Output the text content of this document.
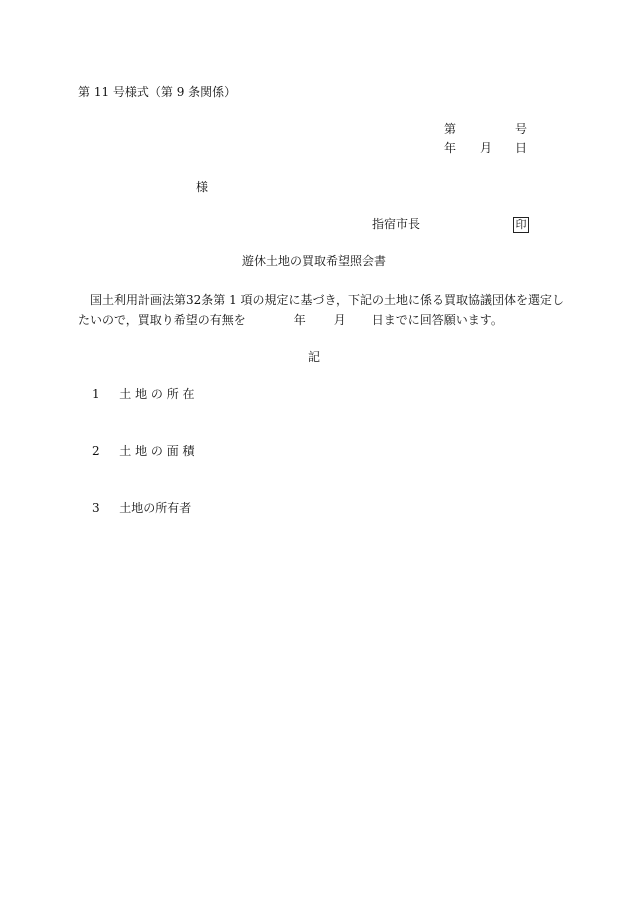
第 11 号様式（第 9 条関係）
第	号
年 月 日
様
指宿市長	印
遊休土地の買取希望照会書
国土利用計画法第32条第 1 項の規定に基づき，下記の土地に係る買取協議団体を選定し
たいので，買取り希望の有無を	年 月 日までに回答願います。
記
1 土 地 の 所 在
2 土 地 の 面 積
3 土地の所有者
